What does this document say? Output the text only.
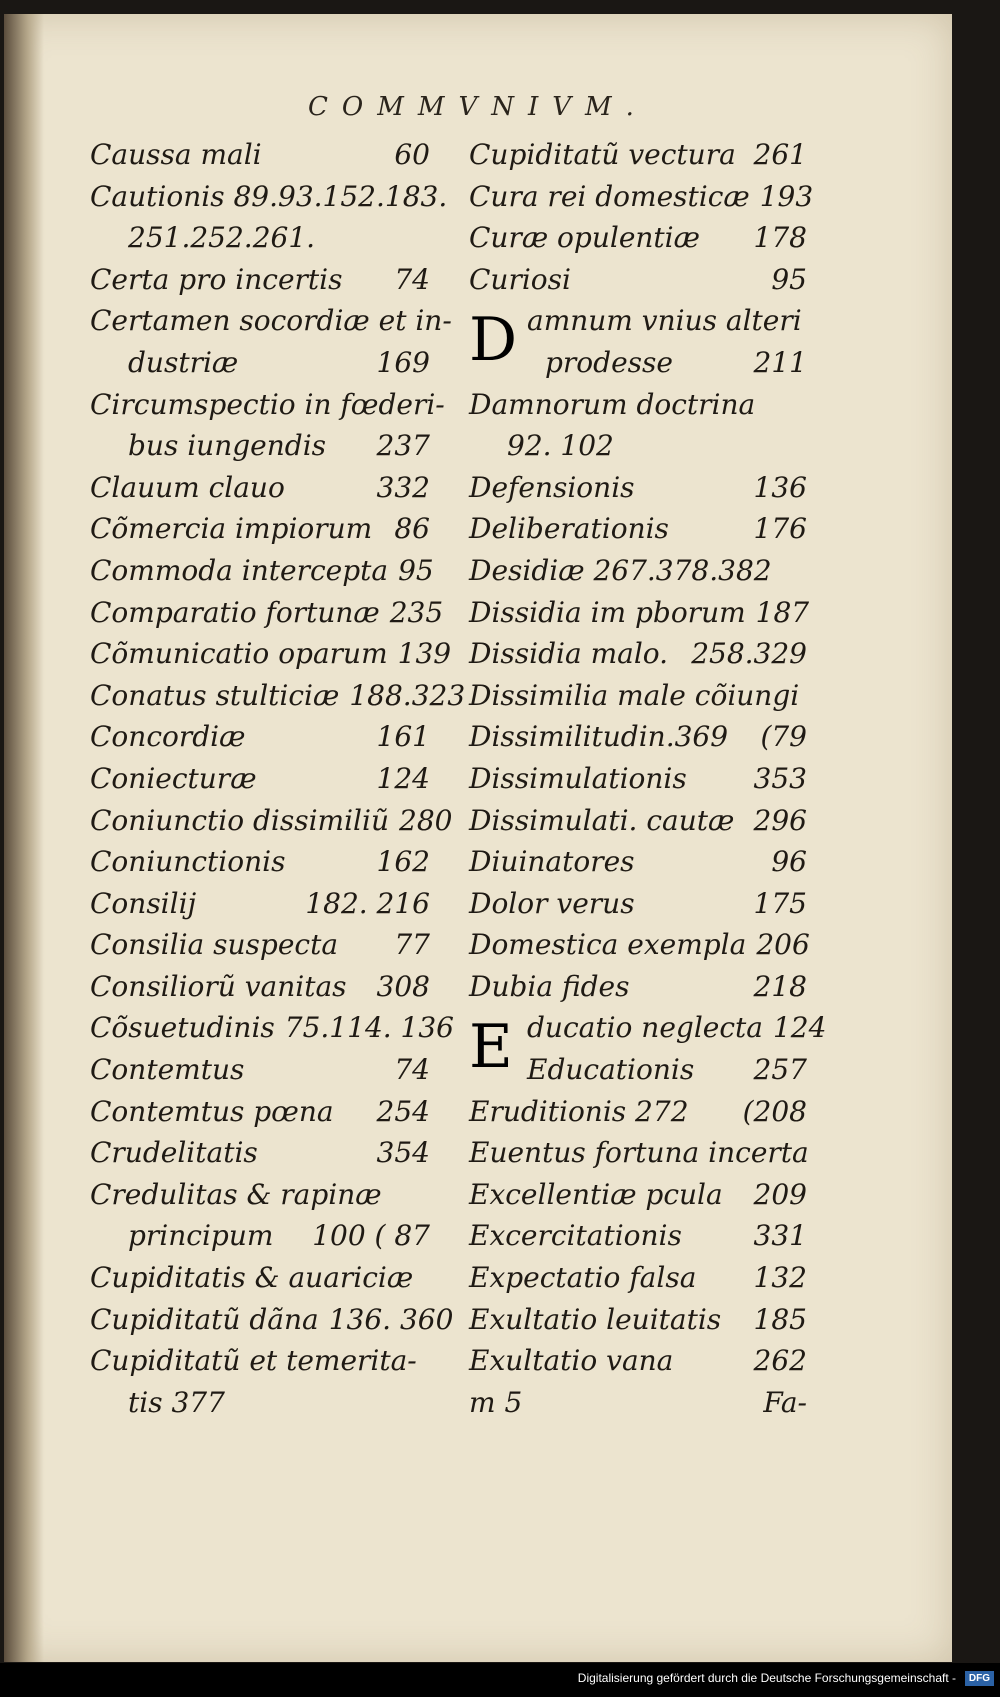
COMMVNIVM.
Caussa mali	60
Cautionis 89.93.152.183.
251.252.261.
Certa pro incertis 74
Certamen socordiæ et in-
dustriæ	169
Circumspectio in fœderi-
bus iungendis 237
Clauum clauo	332
Cõmercia impiorum 86
Commoda intercepta 95
Comparatio fortunæ 235
Cõmunicatio oparum 139
Conatus stulticiæ 188.323
Concordiæ	161
Coniecturæ	124
Coniunctio dissimiliũ 280
Coniunctionis	162
Consilij	182. 216
Consilia suspecta 77
Consiliorũ vanitas 308
Cõsuetudinis 75.114. 136
Contemtus	74
Contemtus pœna 254
Crudelitatis	354
Credulitas & rapinæ
principum 100 ( 87
Cupiditatis & auariciæ
Cupiditatũ dãna 136. 360
Cupiditatũ et temerita-
tis 377
Cupiditatũ vectura 261
Cura rei domesticæ 193
Curæ opulentiæ 178
Curiosi	95
D amnum vnius alteri
prodesse	211
Damnorum doctrina
92. 102
Defensionis	136
Deliberationis	176
Desidiæ 267.378.382
Dissidia im pborum 187
Dissidia malo. 258.329
Dissimilia male cõiungi
Dissimilitudin.369 (79
Dissimulationis 353
Dissimulati. cautæ 296
Diuinatores	96
Dolor verus	175
Domestica exempla 206
Dubia fides	218
E ducatio neglecta 124
Educationis 257
Eruditionis 272 (208
Euentus fortuna incerta
Excellentiæ pcula 209
Excercitationis	331
Expectatio falsa 132
Exultatio leuitatis 185
Exultatio vana	262
m 5	Fa-
Digitalisierung gefördert durch die Deutsche Forschungsgemeinschaft -	DFG
